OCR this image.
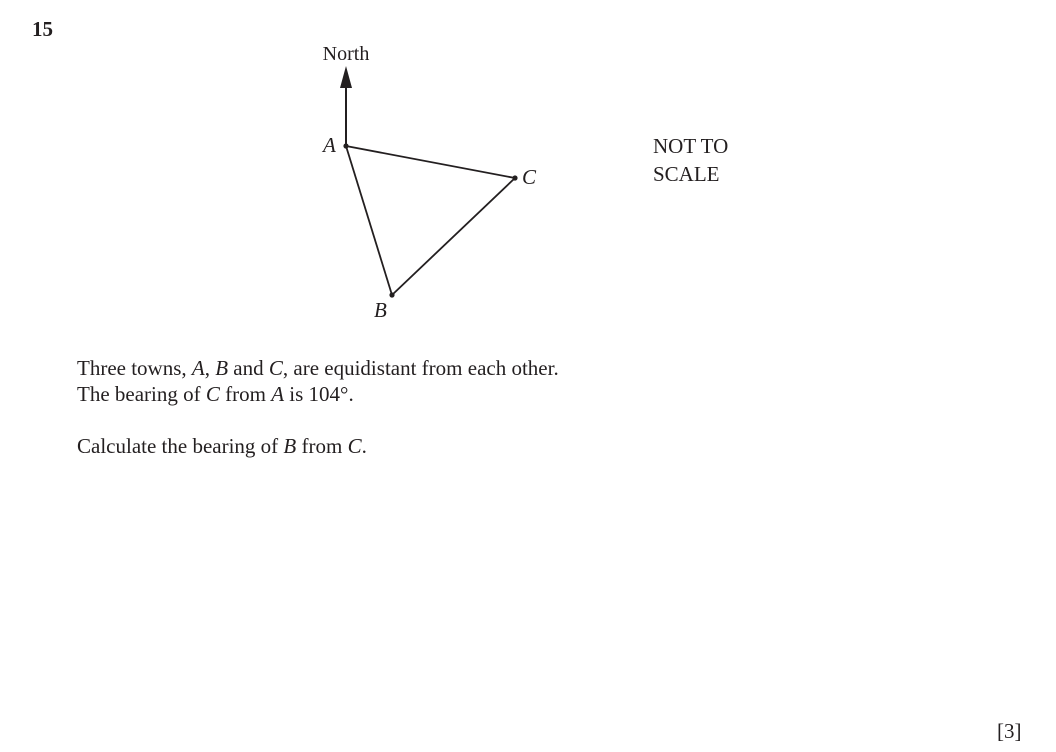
15
North
A
C
B
NOT TO
SCALE
Three towns, A, B and C, are equidistant from each other.
The bearing of C from A is 104°.
Calculate the bearing of B from C.
[3]
